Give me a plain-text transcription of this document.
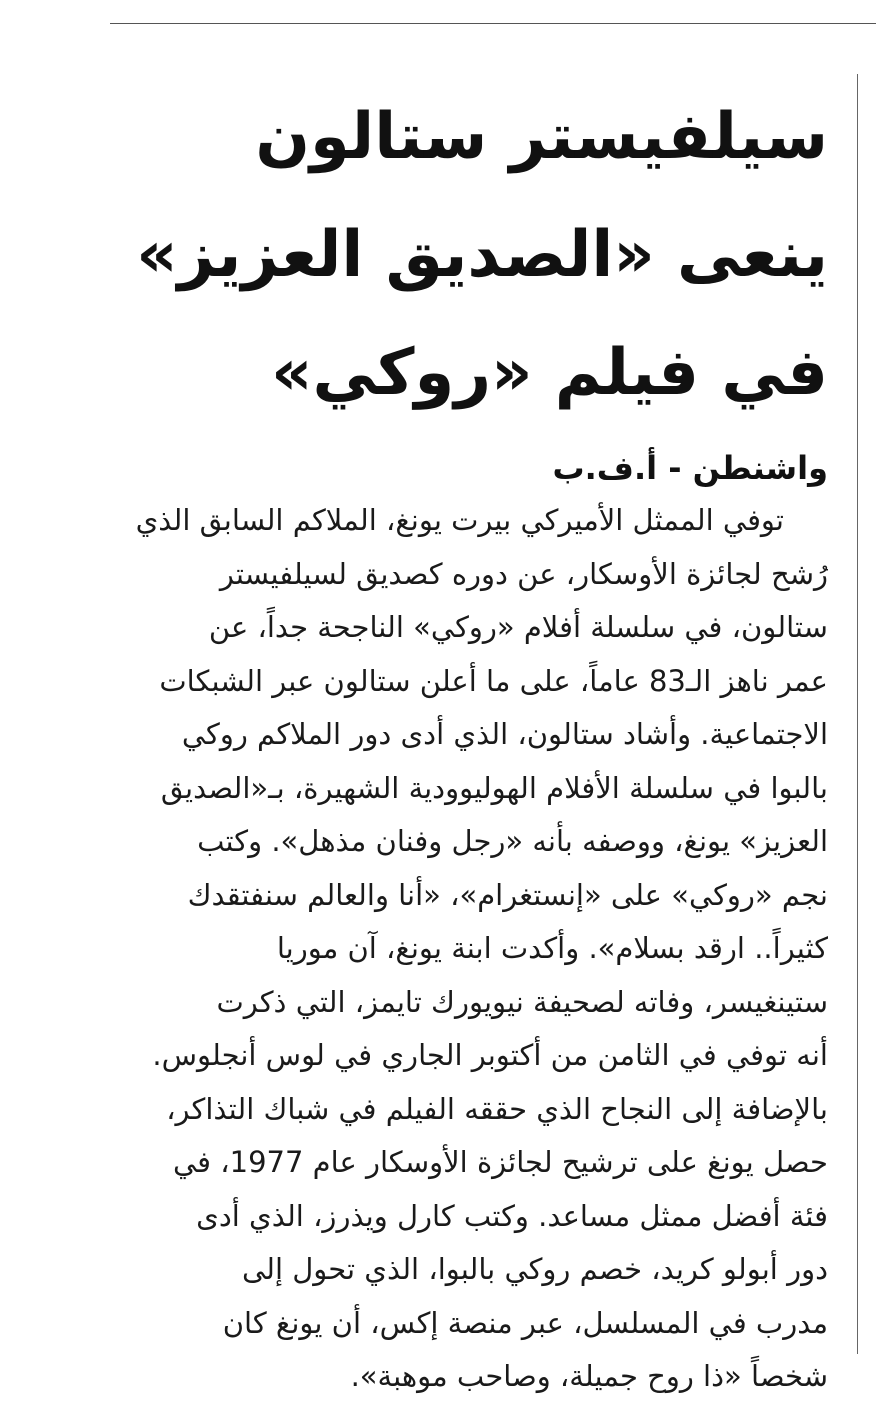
سيلفيستر ستالون
ينعى «الصديق العزيز»
في فيلم «روكي»
واشنطن - أ.ف.ب
توفي الممثل الأميركي بيرت يونغ، الملاكم السابق الذي
رُشح لجائزة الأوسكار، عن دوره كصديق لسيلفيستر
ستالون، في سلسلة أفلام «روكي» الناجحة جداً، عن
عمر ناهز الـ83 عاماً، على ما أعلن ستالون عبر الشبكات
الاجتماعية. وأشاد ستالون، الذي أدى دور الملاكم روكي
بالبوا في سلسلة الأفلام الهوليوودية الشهيرة، بـ«الصديق
العزيز» يونغ، ووصفه بأنه «رجل وفنان مذهل». وكتب
نجم «روكي» على «إنستغرام»، «أنا والعالم سنفتقدك
كثيراً.. ارقد بسلام». وأكدت ابنة يونغ، آن موريا
ستينغيسر، وفاته لصحيفة نيويورك تايمز، التي ذكرت
أنه توفي في الثامن من أكتوبر الجاري في لوس أنجلوس.
بالإضافة إلى النجاح الذي حققه الفيلم في شباك التذاكر،
حصل يونغ على ترشيح لجائزة الأوسكار عام 1977، في
فئة أفضل ممثل مساعد. وكتب كارل ويذرز، الذي أدى
دور أبولو كريد، خصم روكي بالبوا، الذي تحول إلى
مدرب في المسلسل، عبر منصة إكس، أن يونغ كان
شخصاً «ذا روح جميلة، وصاحب موهبة».
